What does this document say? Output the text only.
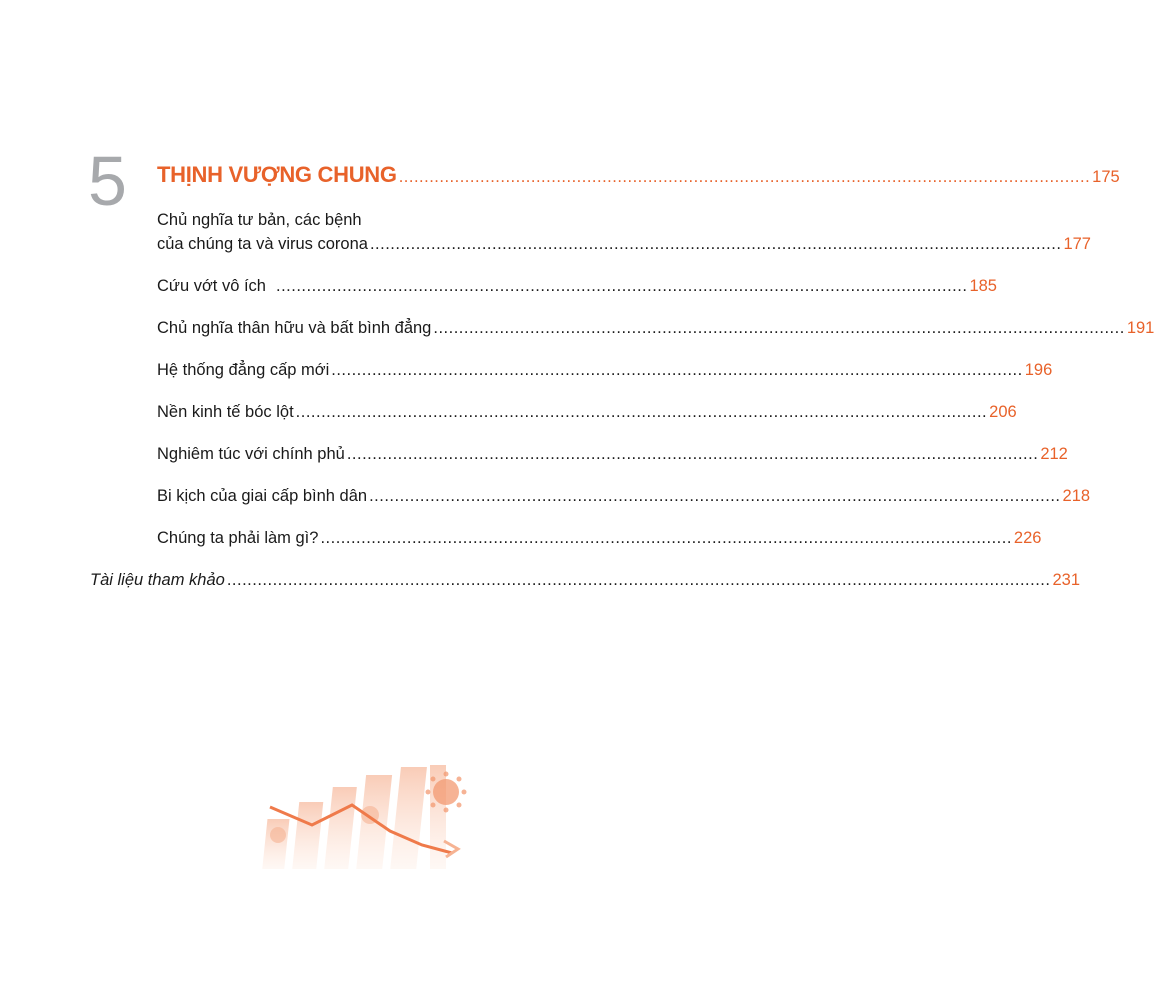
5 THỊNH VƯỢNG CHUNG ........................................................................................................................................ 175
Chủ nghĩa tư bản, các bệnh
của chúng ta và virus corona ........................................................................................................................................ 177
Cứu vớt vô ích ........................................................................................................................................ 185
Chủ nghĩa thân hữu và bất bình đẳng ........................................................................................................................................ 191
Hệ thống đẳng cấp mới ........................................................................................................................................ 196
Nền kinh tế bóc lột ........................................................................................................................................ 206
Nghiêm túc với chính phủ ........................................................................................................................................ 212
Bi kịch của giai cấp bình dân ........................................................................................................................................ 218
Chúng ta phải làm gì? ........................................................................................................................................ 226
Tài liệu tham khảo .................................................................................................................................................................. 231
